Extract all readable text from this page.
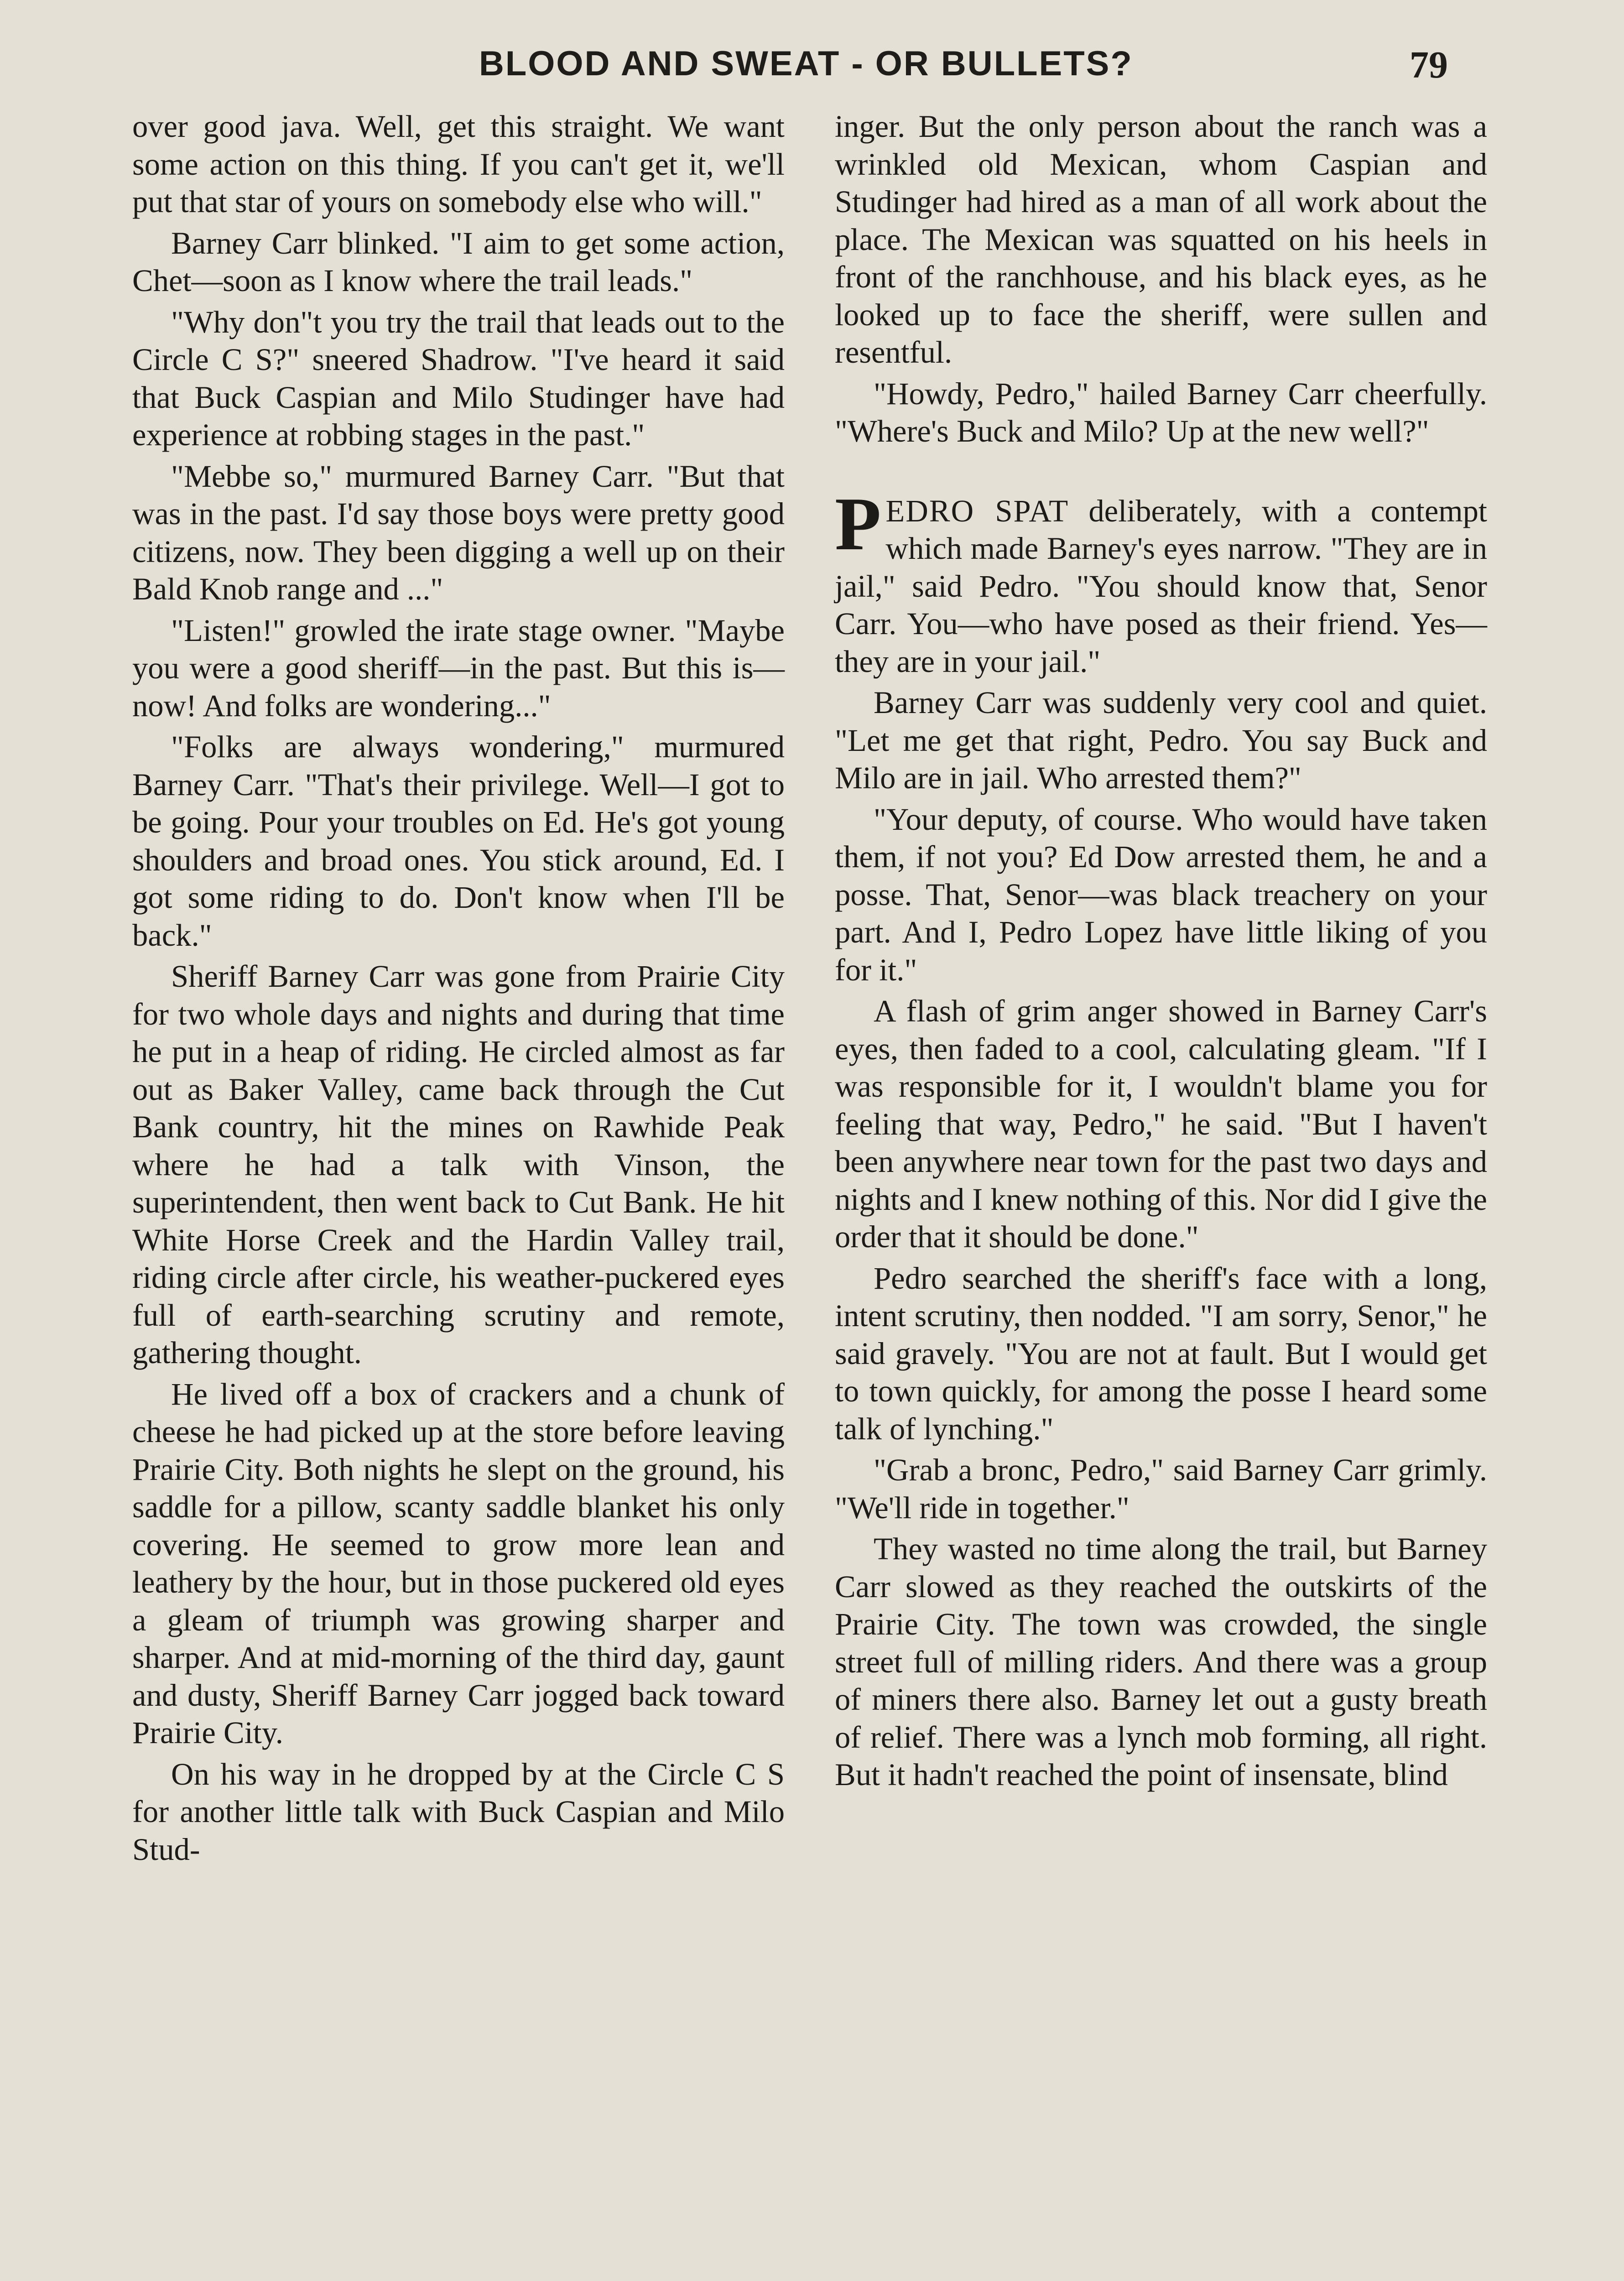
BLOOD AND SWEAT - OR BULLETS?	79

over good java. Well, get this straight. We want some action on this thing. If you can't get it, we'll put that star of yours on somebody else who will."

Barney Carr blinked. "I aim to get some action, Chet—soon as I know where the trail leads."

"Why don"t you try the trail that leads out to the Circle C S?" sneered Shadrow. "I've heard it said that Buck Caspian and Milo Studinger have had experience at robbing stages in the past."

"Mebbe so," murmured Barney Carr. "But that was in the past. I'd say those boys were pretty good citizens, now. They been digging a well up on their Bald Knob range and ..."

"Listen!" growled the irate stage owner. "Maybe you were a good sheriff—in the past. But this is—now! And folks are wondering..."

"Folks are always wondering," murmured Barney Carr. "That's their privilege. Well—I got to be going. Pour your troubles on Ed. He's got young shoulders and broad ones. You stick around, Ed. I got some riding to do. Don't know when I'll be back."

Sheriff Barney Carr was gone from Prairie City for two whole days and nights and during that time he put in a heap of riding. He circled almost as far out as Baker Valley, came back through the Cut Bank country, hit the mines on Rawhide Peak where he had a talk with Vinson, the superintendent, then went back to Cut Bank. He hit White Horse Creek and the Hardin Valley trail, riding circle after circle, his weather-puckered eyes full of earth-searching scrutiny and remote, gathering thought.

He lived off a box of crackers and a chunk of cheese he had picked up at the store before leaving Prairie City. Both nights he slept on the ground, his saddle for a pillow, scanty saddle blanket his only covering. He seemed to grow more lean and leathery by the hour, but in those puckered old eyes a gleam of triumph was growing sharper and sharper. And at mid-morning of the third day, gaunt and dusty, Sheriff Barney Carr jogged back toward Prairie City.

On his way in he dropped by at the Circle C S for another little talk with Buck Caspian and Milo Stud-

inger. But the only person about the ranch was a wrinkled old Mexican, whom Caspian and Studinger had hired as a man of all work about the place. The Mexican was squatted on his heels in front of the ranchhouse, and his black eyes, as he looked up to face the sheriff, were sullen and resentful.

"Howdy, Pedro," hailed Barney Carr cheerfully. "Where's Buck and Milo? Up at the new well?"

PEDRO SPAT deliberately, with a contempt which made Barney's eyes narrow. "They are in jail," said Pedro. "You should know that, Senor Carr. You—who have posed as their friend. Yes—they are in your jail."

Barney Carr was suddenly very cool and quiet. "Let me get that right, Pedro. You say Buck and Milo are in jail. Who arrested them?"

"Your deputy, of course. Who would have taken them, if not you? Ed Dow arrested them, he and a posse. That, Senor—was black treachery on your part. And I, Pedro Lopez have little liking of you for it."

A flash of grim anger showed in Barney Carr's eyes, then faded to a cool, calculating gleam. "If I was responsible for it, I wouldn't blame you for feeling that way, Pedro," he said. "But I haven't been anywhere near town for the past two days and nights and I knew nothing of this. Nor did I give the order that it should be done."

Pedro searched the sheriff's face with a long, intent scrutiny, then nodded. "I am sorry, Senor," he said gravely. "You are not at fault. But I would get to town quickly, for among the posse I heard some talk of lynching."

"Grab a bronc, Pedro," said Barney Carr grimly. "We'll ride in together."

They wasted no time along the trail, but Barney Carr slowed as they reached the outskirts of the Prairie City. The town was crowded, the single street full of milling riders. And there was a group of miners there also. Barney let out a gusty breath of relief. There was a lynch mob forming, all right. But it hadn't reached the point of insensate, blind
